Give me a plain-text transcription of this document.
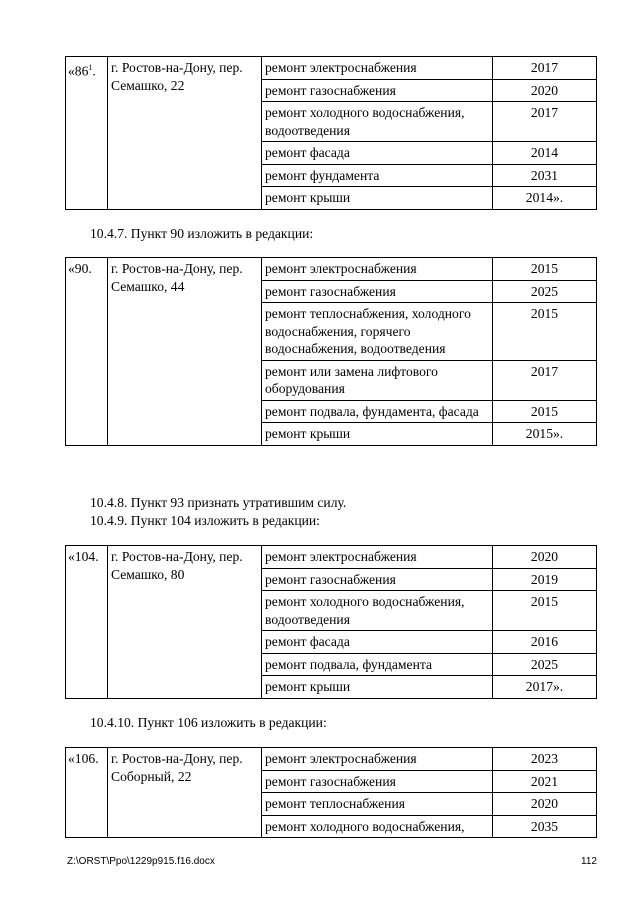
«$86^1$.	г. Ростов-на-Дону, пер. Семашко, 22	ремонт электроснабжения	2017
		ремонт газоснабжения	2020
		ремонт холодного водоснабжения, водоотведения	2017
		ремонт фасада	2014
		ремонт фундамента	2031
		ремонт крыши	2014».

10.4.7. Пункт 90 изложить в редакции:

«90.	г. Ростов-на-Дону, пер. Семашко, 44	ремонт электроснабжения	2015
		ремонт газоснабжения	2025
		ремонт теплоснабжения, холодного водоснабжения, горячего водоснабжения, водоотведения	2015
		ремонт или замена лифтового оборудования	2017
		ремонт подвала, фундамента, фасада	2015
		ремонт крыши	2015».

10.4.8. Пункт 93 признать утратившим силу.

10.4.9. Пункт 104 изложить в редакции:

«104.	г. Ростов-на-Дону, пер. Семашко, 80	ремонт электроснабжения	2020
		ремонт газоснабжения	2019
		ремонт холодного водоснабжения, водоотведения	2015
		ремонт фасада	2016
		ремонт подвала, фундамента	2025
		ремонт крыши	2017».

10.4.10. Пункт 106 изложить в редакции:

«106.	г. Ростов-на-Дону, пер. Соборный, 22	ремонт электроснабжения	2023
		ремонт газоснабжения	2021
		ремонт теплоснабжения	2020
		ремонт холодного водоснабжения,	2035
Z:\ORST\Ppo\1229p915.f16.docx	112
